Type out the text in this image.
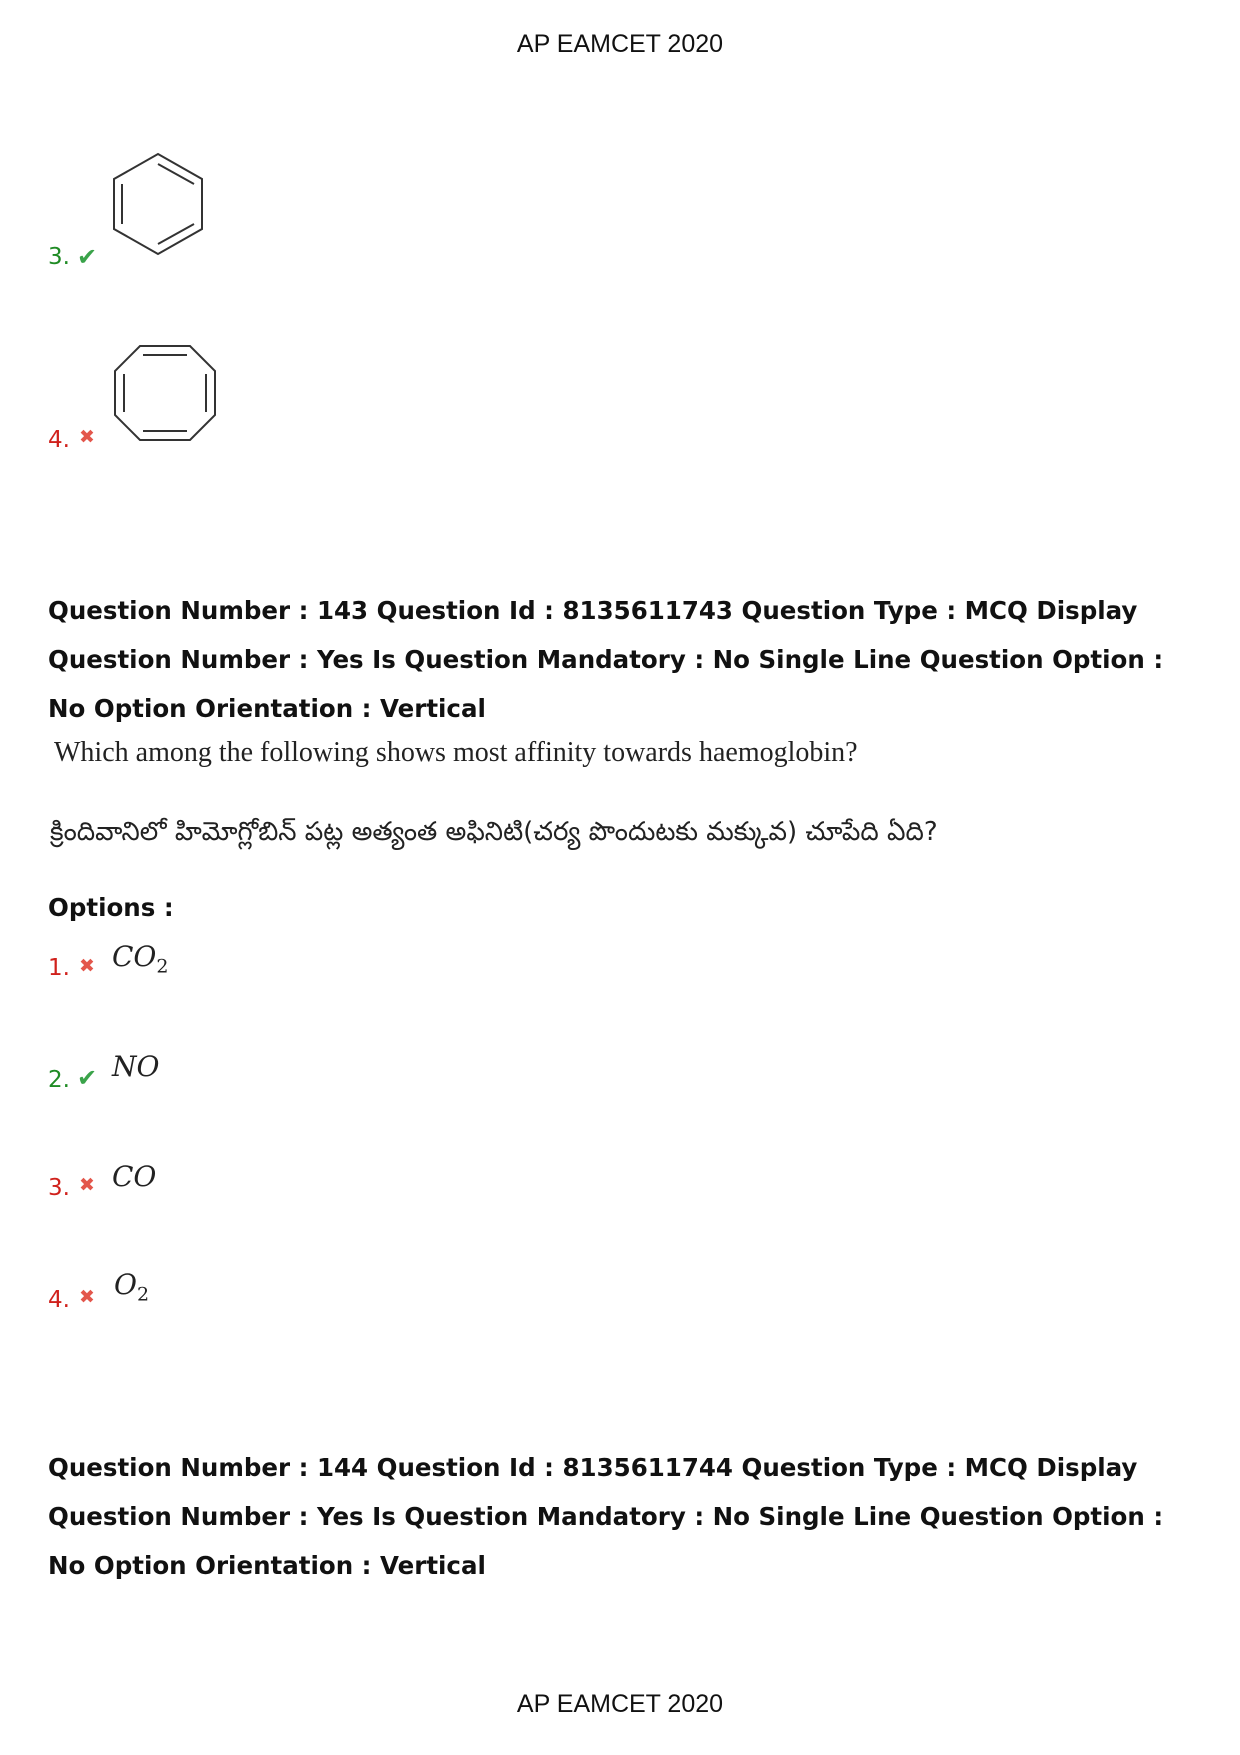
AP EAMCET 2020
3. ✔
4. ✖
Question Number : 143 Question Id : 8135611743 Question Type : MCQ Display Question Number : Yes Is Question Mandatory : No Single Line Question Option : No Option Orientation : Vertical
Which among the following shows most affinity towards haemoglobin?
క్రిందివానిలో హిమోగ్లోబిన్ పట్ల అత్యంత అఫినిటి(చర్య పొందుటకు మక్కువ) చూపేది ఏది?
Options :
1. ✖ $CO_2$
2. ✔ NO
3. ✖ CO
4. ✖ $O_2$
Question Number : 144 Question Id : 8135611744 Question Type : MCQ Display Question Number : Yes Is Question Mandatory : No Single Line Question Option : No Option Orientation : Vertical
AP EAMCET 2020
